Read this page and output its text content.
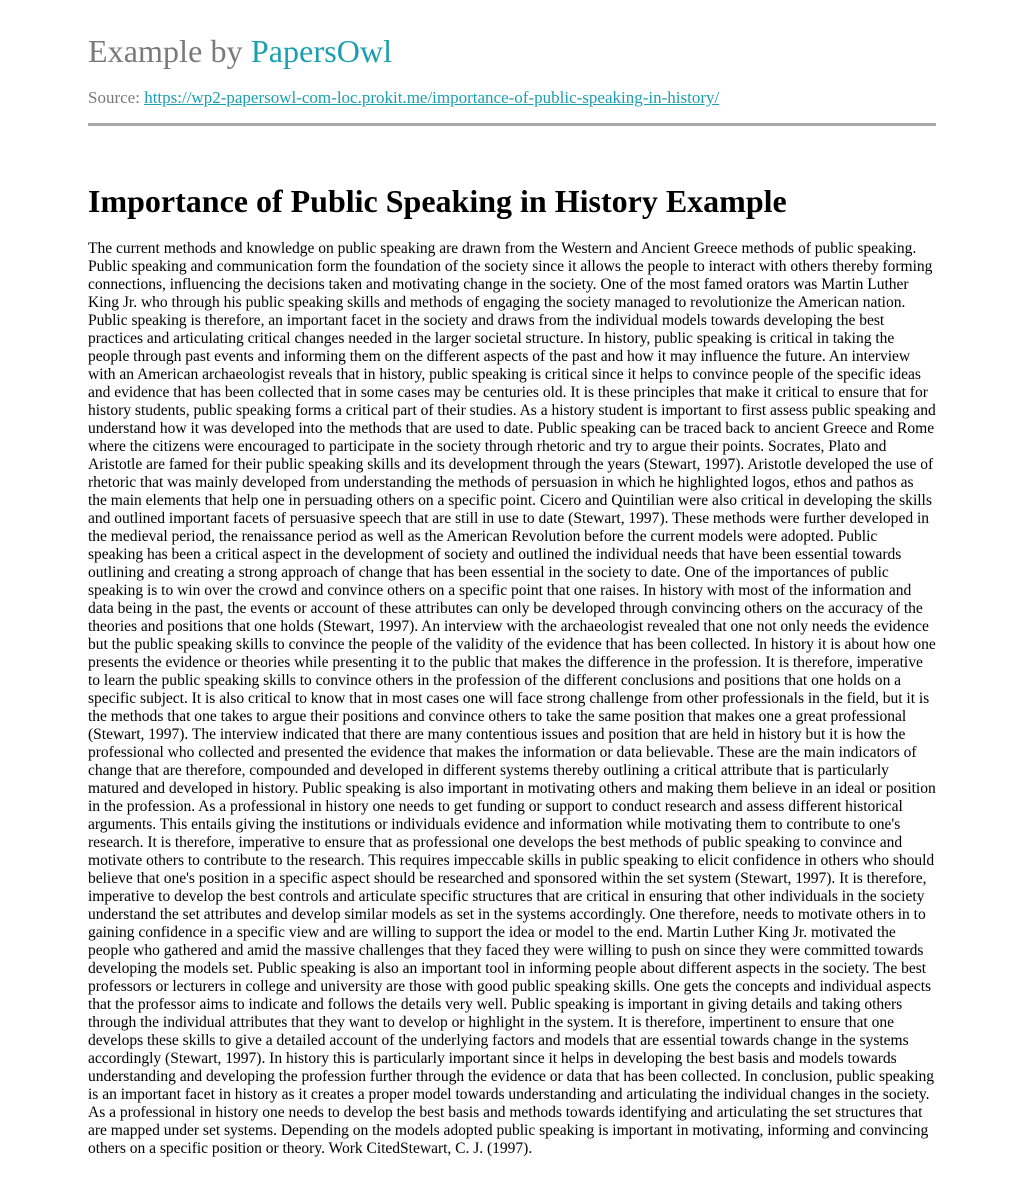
Example by PapersOwl
Source: https://wp2-papersowl-com-loc.prokit.me/importance-of-public-speaking-in-history/
Importance of Public Speaking in History Example

The current methods and knowledge on public speaking are drawn from the Western and Ancient Greece methods of public speaking. Public speaking and communication form the foundation of the society since it allows the people to interact with others thereby forming connections, influencing the decisions taken and motivating change in the society. One of the most famed orators was Martin Luther King Jr. who through his public speaking skills and methods of engaging the society managed to revolutionize the American nation. Public speaking is therefore, an important facet in the society and draws from the individual models towards developing the best practices and articulating critical changes needed in the larger societal structure. In history, public speaking is critical in taking the people through past events and informing them on the different aspects of the past and how it may influence the future. An interview with an American archaeologist reveals that in history, public speaking is critical since it helps to convince people of the specific ideas and evidence that has been collected that in some cases may be centuries old. It is these principles that make it critical to ensure that for history students, public speaking forms a critical part of their studies. As a history student is important to first assess public speaking and understand how it was developed into the methods that are used to date. Public speaking can be traced back to ancient Greece and Rome where the citizens were encouraged to participate in the society through rhetoric and try to argue their points. Socrates, Plato and Aristotle are famed for their public speaking skills and its development through the years (Stewart, 1997). Aristotle developed the use of rhetoric that was mainly developed from understanding the methods of persuasion in which he highlighted logos, ethos and pathos as the main elements that help one in persuading others on a specific point. Cicero and Quintilian were also critical in developing the skills and outlined important facets of persuasive speech that are still in use to date (Stewart, 1997). These methods were further developed in the medieval period, the renaissance period as well as the American Revolution before the current models were adopted. Public speaking has been a critical aspect in the development of society and outlined the individual needs that have been essential towards outlining and creating a strong approach of change that has been essential in the society to date. One of the importances of public speaking is to win over the crowd and convince others on a specific point that one raises. In history with most of the information and data being in the past, the events or account of these attributes can only be developed through convincing others on the accuracy of the theories and positions that one holds (Stewart, 1997). An interview with the archaeologist revealed that one not only needs the evidence but the public speaking skills to convince the people of the validity of the evidence that has been collected. In history it is about how one presents the evidence or theories while presenting it to the public that makes the difference in the profession. It is therefore, imperative to learn the public speaking skills to convince others in the profession of the different conclusions and positions that one holds on a specific subject. It is also critical to know that in most cases one will face strong challenge from other professionals in the field, but it is the methods that one takes to argue their positions and convince others to take the same position that makes one a great professional (Stewart, 1997). The interview indicated that there are many contentious issues and position that are held in history but it is how the professional who collected and presented the evidence that makes the information or data believable. These are the main indicators of change that are therefore, compounded and developed in different systems thereby outlining a critical attribute that is particularly matured and developed in history. Public speaking is also important in motivating others and making them believe in an ideal or position in the profession. As a professional in history one needs to get funding or support to conduct research and assess different historical arguments. This entails giving the institutions or individuals evidence and information while motivating them to contribute to one's research. It is therefore, imperative to ensure that as professional one develops the best methods of public speaking to convince and motivate others to contribute to the research. This requires impeccable skills in public speaking to elicit confidence in others who should believe that one's position in a specific aspect should be researched and sponsored within the set system (Stewart, 1997). It is therefore, imperative to develop the best controls and articulate specific structures that are critical in ensuring that other individuals in the society understand the set attributes and develop similar models as set in the systems accordingly. One therefore, needs to motivate others in to gaining confidence in a specific view and are willing to support the idea or model to the end. Martin Luther King Jr. motivated the people who gathered and amid the massive challenges that they faced they were willing to push on since they were committed towards developing the models set. Public speaking is also an important tool in informing people about different aspects in the society. The best professors or lecturers in college and university are those with good public speaking skills. One gets the concepts and individual aspects that the professor aims to indicate and follows the details very well. Public speaking is important in giving details and taking others through the individual attributes that they want to develop or highlight in the system. It is therefore, impertinent to ensure that one develops these skills to give a detailed account of the underlying factors and models that are essential towards change in the systems accordingly (Stewart, 1997). In history this is particularly important since it helps in developing the best basis and models towards understanding and developing the profession further through the evidence or data that has been collected. In conclusion, public speaking is an important facet in history as it creates a proper model towards understanding and articulating the individual changes in the society. As a professional in history one needs to develop the best basis and methods towards identifying and articulating the set structures that are mapped under set systems. Depending on the models adopted public speaking is important in motivating, informing and convincing others on a specific position or theory. Work CitedStewart, C. J. (1997).
